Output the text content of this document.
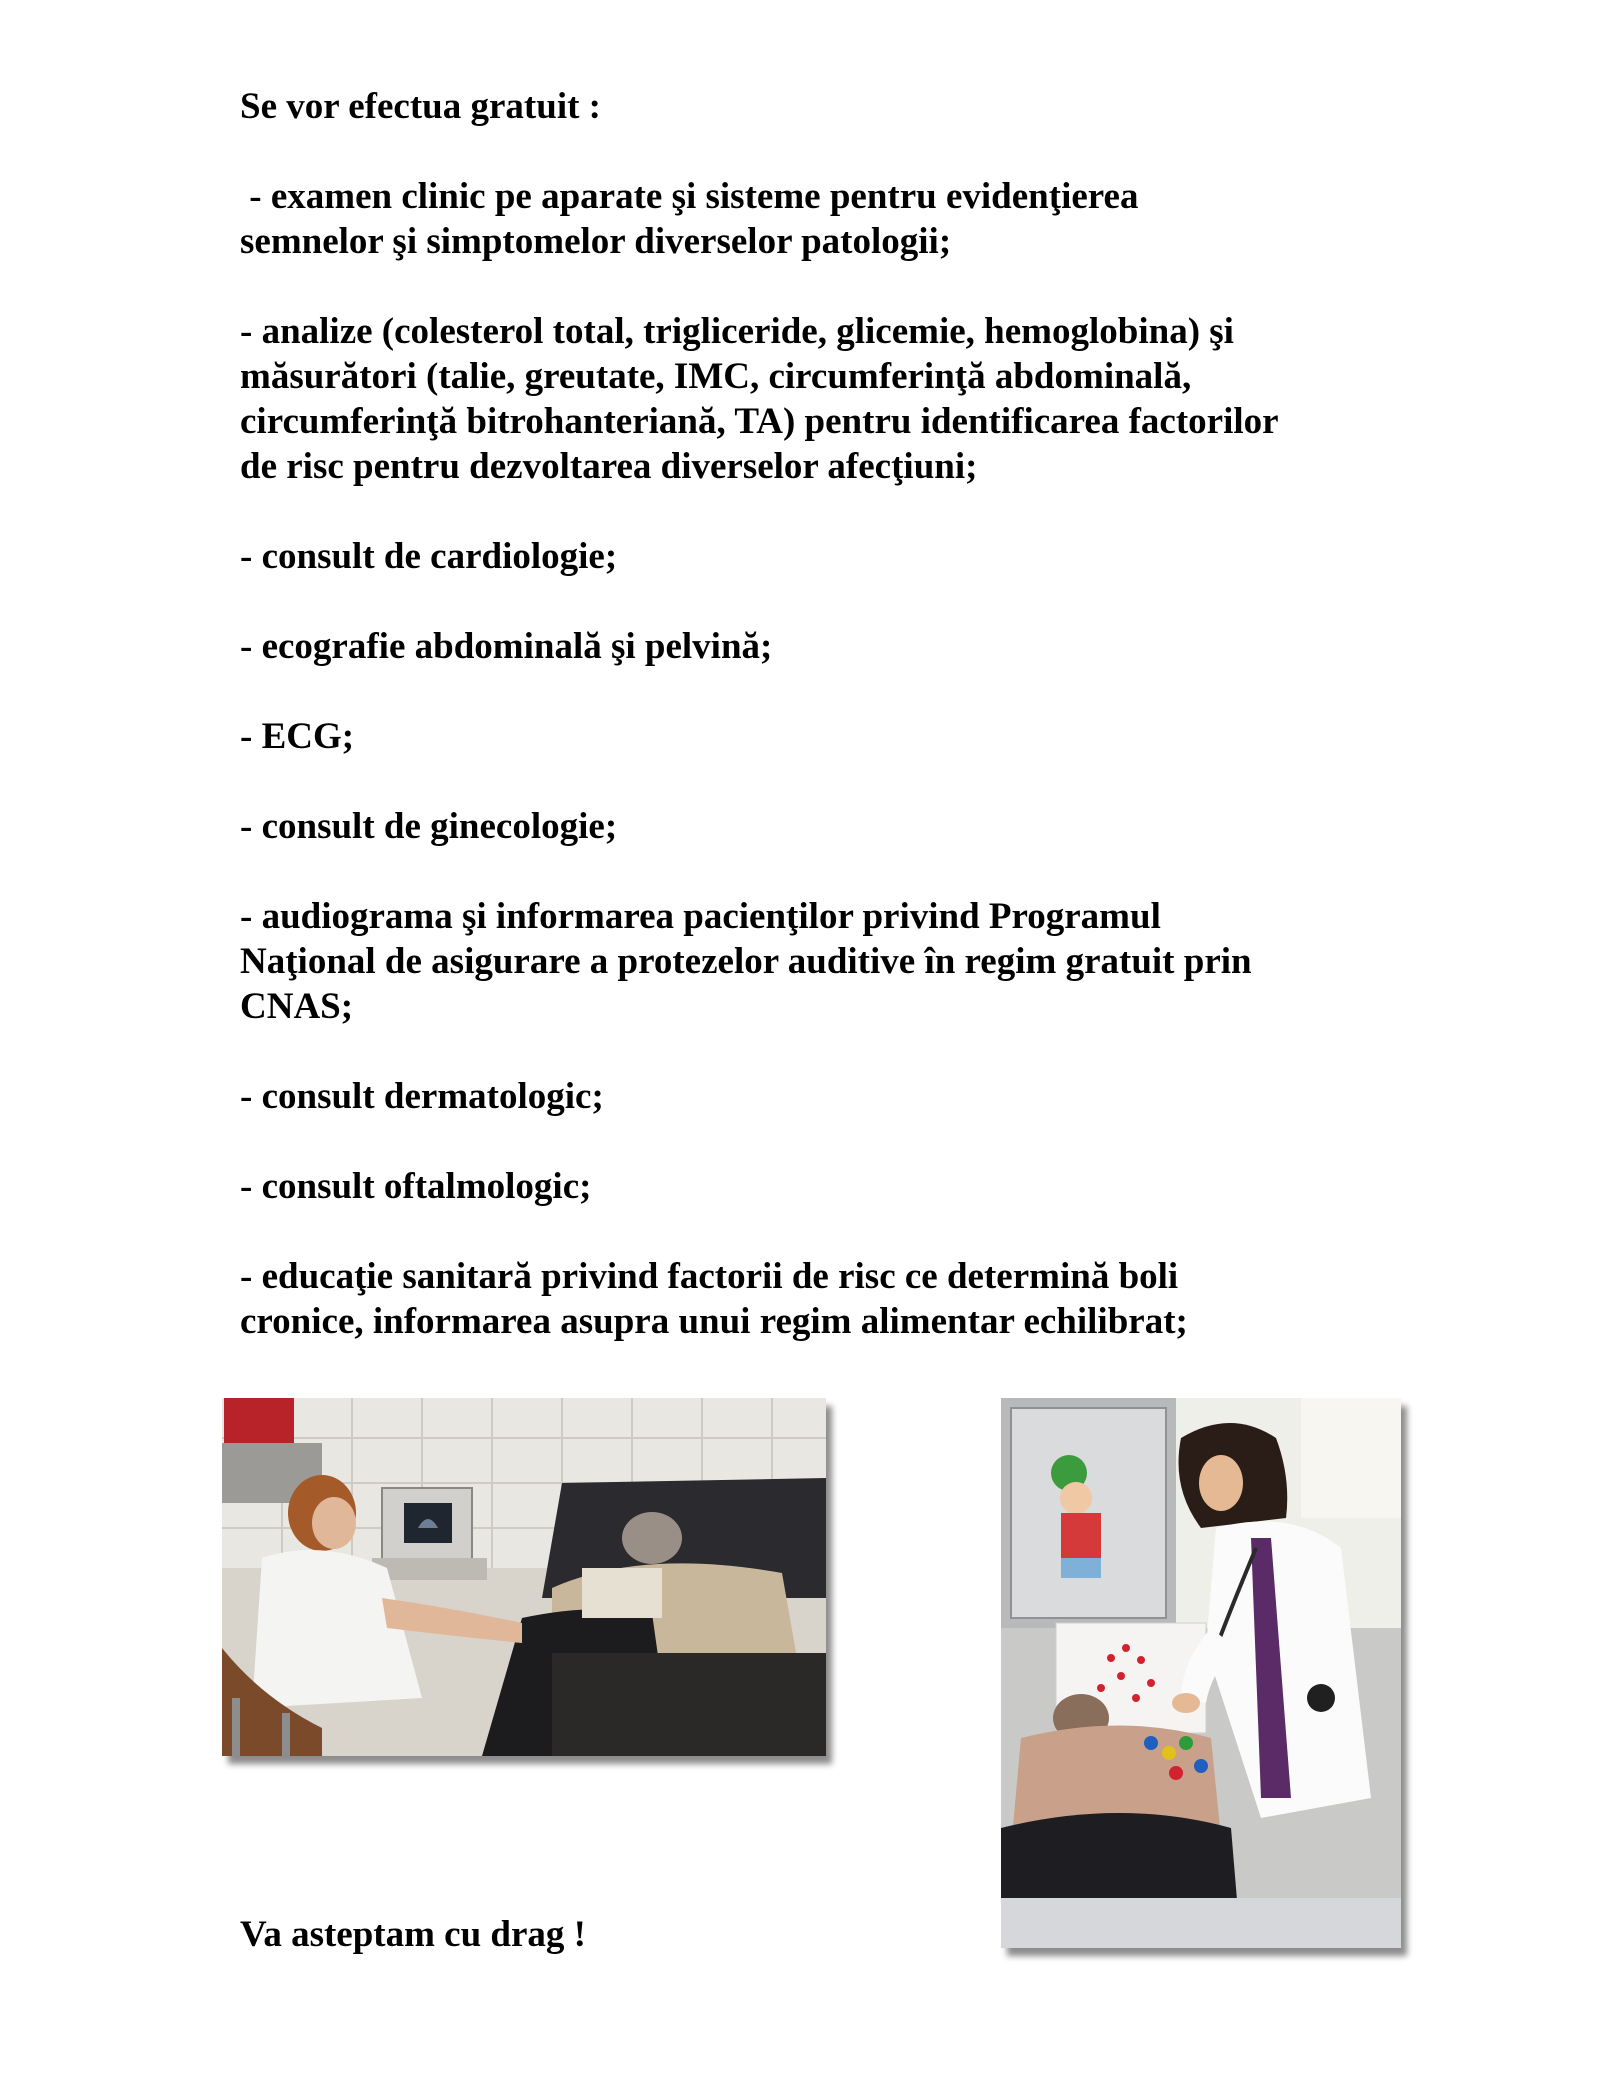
Se vor efectua gratuit :
- examen clinic pe aparate şi sisteme pentru evidenţierea
semnelor şi simptomelor diverselor patologii;
- analize (colesterol total, trigliceride, glicemie, hemoglobina) şi
măsurători (talie, greutate, IMC, circumferinţă abdominală,
circumferinţă bitrohanteriană, TA) pentru identificarea factorilor
de risc pentru dezvoltarea diverselor afecţiuni;
- consult de cardiologie;
- ecografie abdominală şi pelvină;
- ECG;
- consult de ginecologie;
- audiograma şi informarea pacienţilor privind Programul
Naţional de asigurare a protezelor auditive în regim gratuit prin
CNAS;
- consult dermatologic;
- consult oftalmologic;
- educaţie sanitară privind factorii de risc ce determină boli
cronice, informarea asupra unui regim alimentar echilibrat;
Va asteptam cu drag !
